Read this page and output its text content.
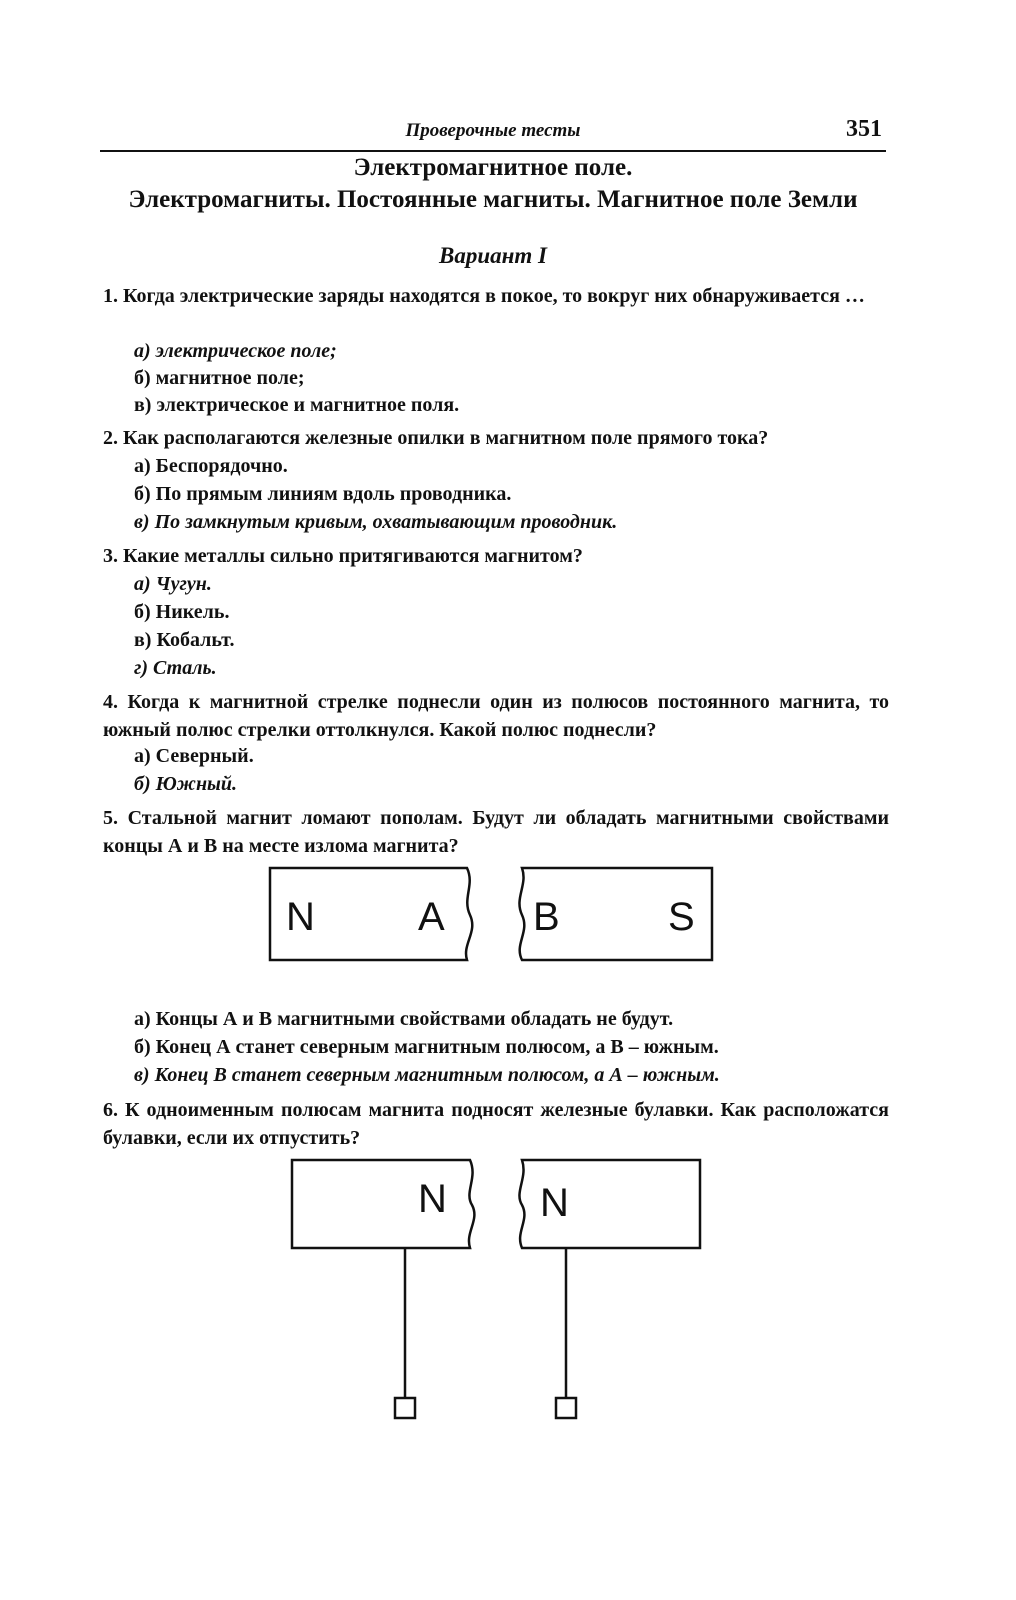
Проверочные тесты	351
Электромагнитное поле.
Электромагниты. Постоянные магниты. Магнитное поле Земли
Вариант I
1. Когда электрические заряды находятся в покое, то вокруг них обнаруживается …
а) электрическое поле;
б) магнитное поле;
в) электрическое и магнитное поля.
2. Как располагаются железные опилки в магнитном поле прямого тока?
а) Беспорядочно.
б) По прямым линиям вдоль проводника.
в) По замкнутым кривым, охватывающим проводник.
3. Какие металлы сильно притягиваются магнитом?
а) Чугун.
б) Никель.
в) Кобальт.
г) Сталь.
4. Когда к магнитной стрелке поднесли один из полюсов постоянного магнита, то южный полюс стрелки оттолкнулся. Какой полюс поднесли?
а) Северный.
б) Южный.
5. Стальной магнит ломают пополам. Будут ли обладать магнитными свойствами концы А и В на месте излома магнита?
N	A B	S
а) Концы А и В магнитными свойствами обладать не будут.
б) Конец А станет северным магнитным полюсом, а В – южным.
в) Конец В станет северным магнитным полюсом, а А – южным.
6. К одноименным полюсам магнита подносят железные булавки. Как расположатся булавки, если их отпустить?
N N
